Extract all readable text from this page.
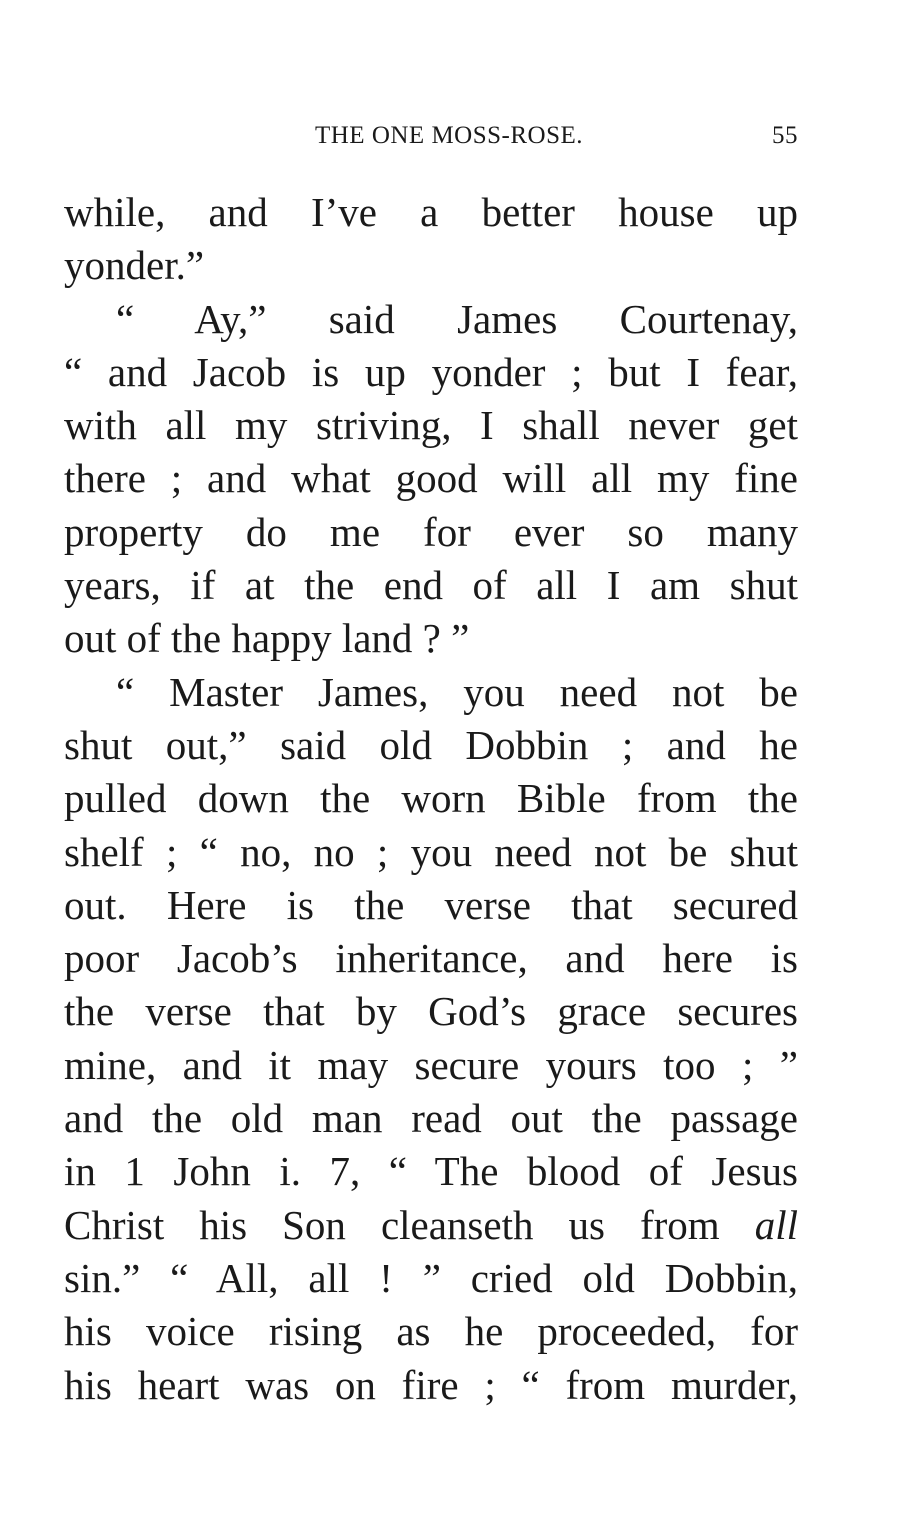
THE ONE MOSS-ROSE.	55
while, and I’ve a better house up
yonder.”
“ Ay,” said James Courtenay,
“ and Jacob is up yonder ; but I fear,
with all my striving, I shall never get
there ; and what good will all my fine
property do me for ever so many
years, if at the end of all I am shut
out of the happy land ? ”
“ Master James, you need not be
shut out,” said old Dobbin ; and he
pulled down the worn Bible from the
shelf ; “ no, no ; you need not be shut
out. Here is the verse that secured
poor Jacob’s inheritance, and here is
the verse that by God’s grace secures
mine, and it may secure yours too ; ”
and the old man read out the passage
in 1 John i. 7, “ The blood of Jesus
Christ his Son cleanseth us from all
sin.” “ All, all ! ” cried old Dobbin,
his voice rising as he proceeded, for
his heart was on fire ; “ from murder,
